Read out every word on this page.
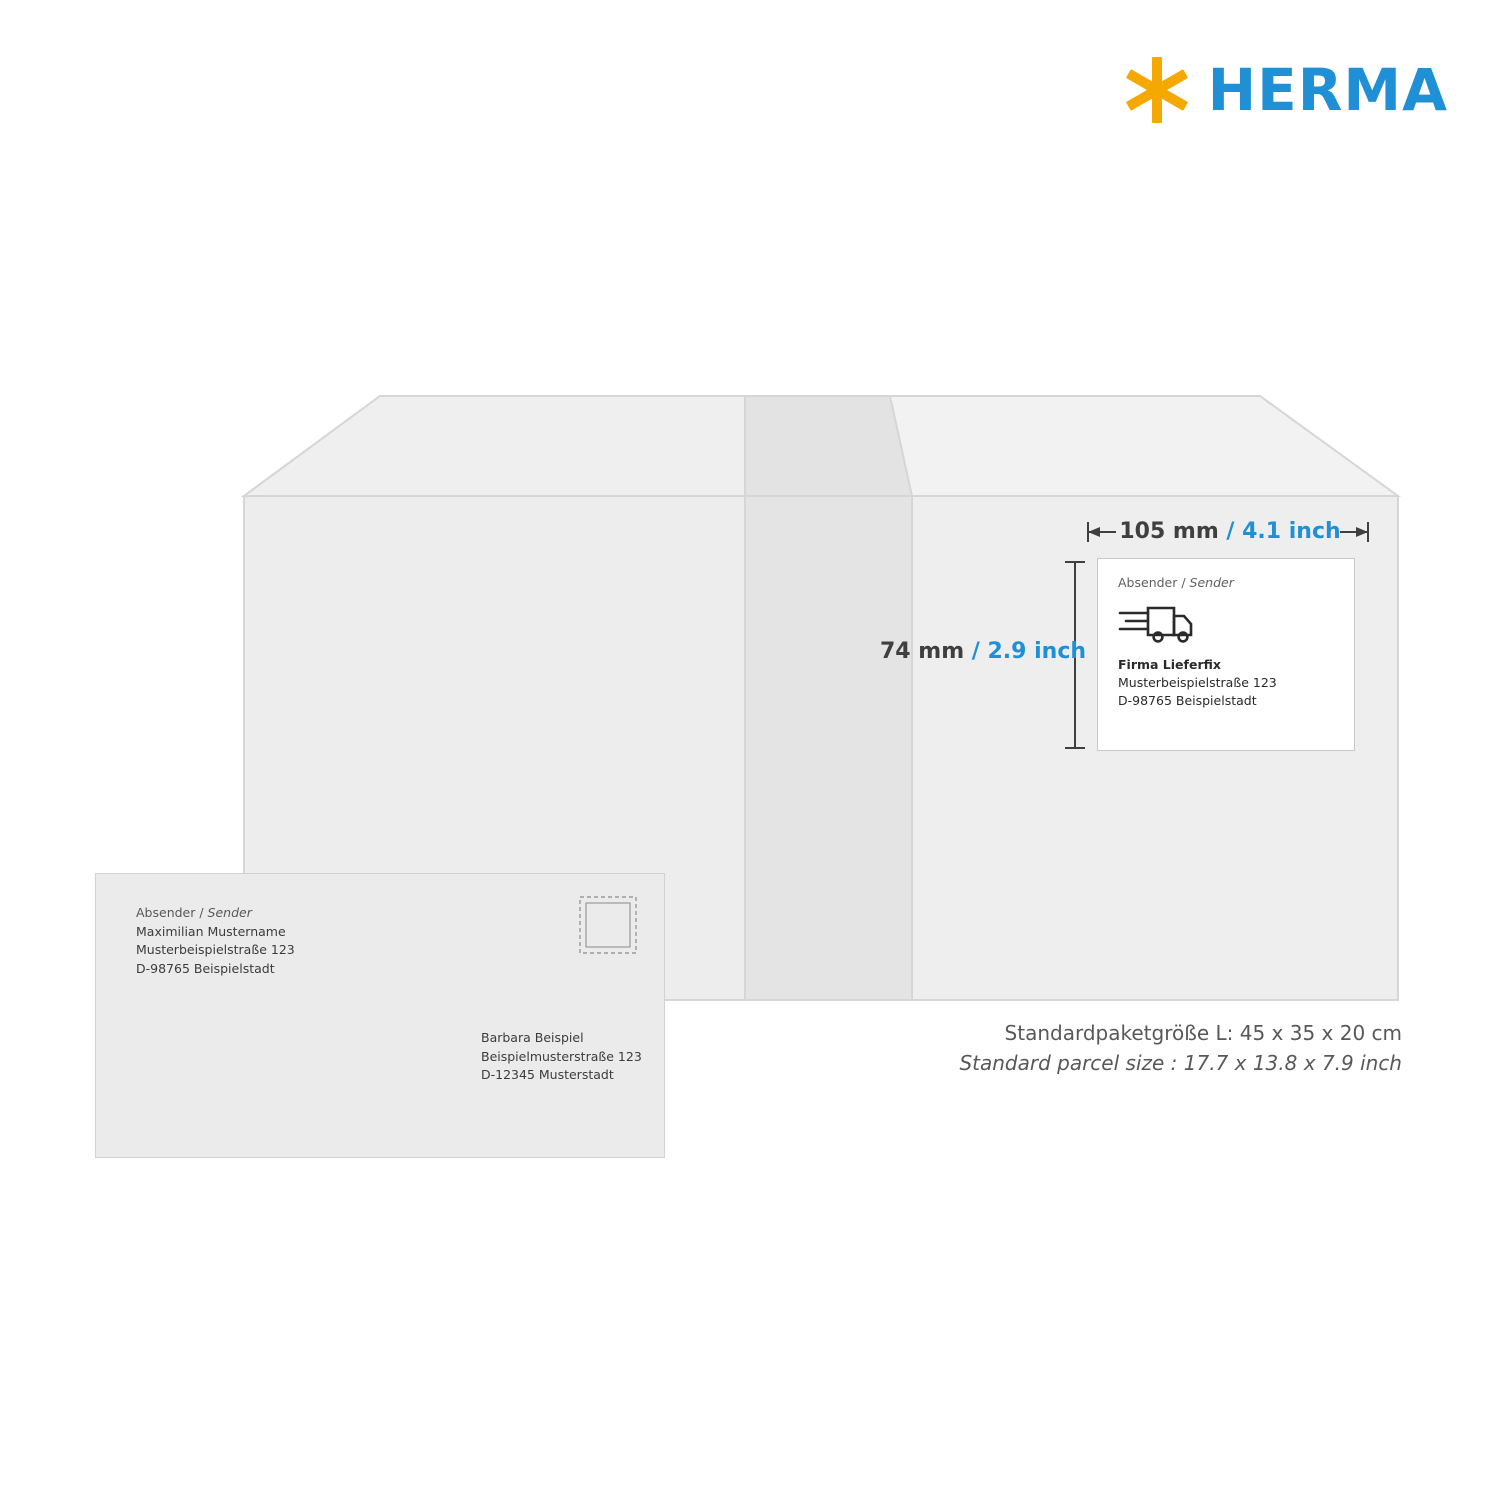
HERMA
105 mm / 4.1 inch
74 mm / 2.9 inch
Absender / Sender
Firma Lieferfix
Musterbeispielstraße 123
D-98765 Beispielstadt
Absender / Sender
Maximilian Mustername
Musterbeispielstraße 123
D-98765 Beispielstadt
Barbara Beispiel
Beispielmusterstraße 123
D-12345 Musterstadt
Standardpaketgröße L: 45 x 35 x 20 cm
Standard parcel size : 17.7 x 13.8 x 7.9 inch
